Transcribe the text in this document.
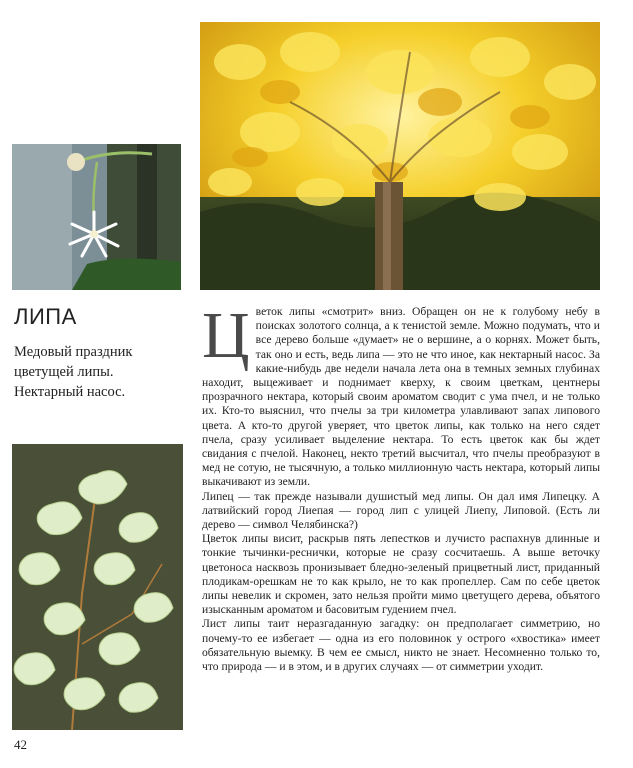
ЛИПА
Медовый праздник
цветущей липы.
Нектарный насос.
Ц веток липы «смотрит» вниз. Обращен он не к голубому небу в поисках золотого солнца, а к тенистой земле. Можно подумать, что и все дерево больше «думает» не о вершине, а о корнях. Может быть, так оно и есть, ведь липа — это не что иное, как нектарный насос. За какие-нибудь две недели начала лета она в темных земных глубинах находит, выцеживает и поднимает кверху, к своим цветкам, центнеры прозрачного нектара, который своим ароматом сводит с ума пчел, и не только их. Кто-то выяснил, что пчелы за три километра улавливают запах липового цвета. А кто-то другой уверяет, что цветок липы, как только на него сядет пчела, сразу усиливает выделение нектара. То есть цветок как бы ждет свидания с пчелой. Наконец, некто третий высчитал, что пчелы преобразуют в мед не сотую, не тысячную, а только миллионную часть нектара, который липы выкачивают из земли.

Липец — так прежде называли душистый мед липы. Он дал имя Липецку. А латвийский город Лиепая — город лип с улицей Лиепу, Липовой. (Есть ли дерево — символ Челябинска?)

Цветок липы висит, раскрыв пять лепестков и лучисто распахнув длинные и тонкие тычинки-реснички, которые не сразу сосчитаешь. А выше веточку цветоноса насквозь пронизывает бледно-зеленый прицветный лист, приданный плодикам-орешкам не то как крыло, не то как пропеллер. Сам по себе цветок липы невелик и скромен, зато нельзя пройти мимо цветущего дерева, объятого изысканным ароматом и басовитым гудением пчел.

Лист липы таит неразгаданную загадку: он предполагает симметрию, но почему-то ее избегает — одна из его половинок у острого «хвостика» имеет обязательную выемку. В чем ее смысл, никто не знает. Несомненно только то, что природа — и в этом, и в других случаях — от симметрии уходит.

42
